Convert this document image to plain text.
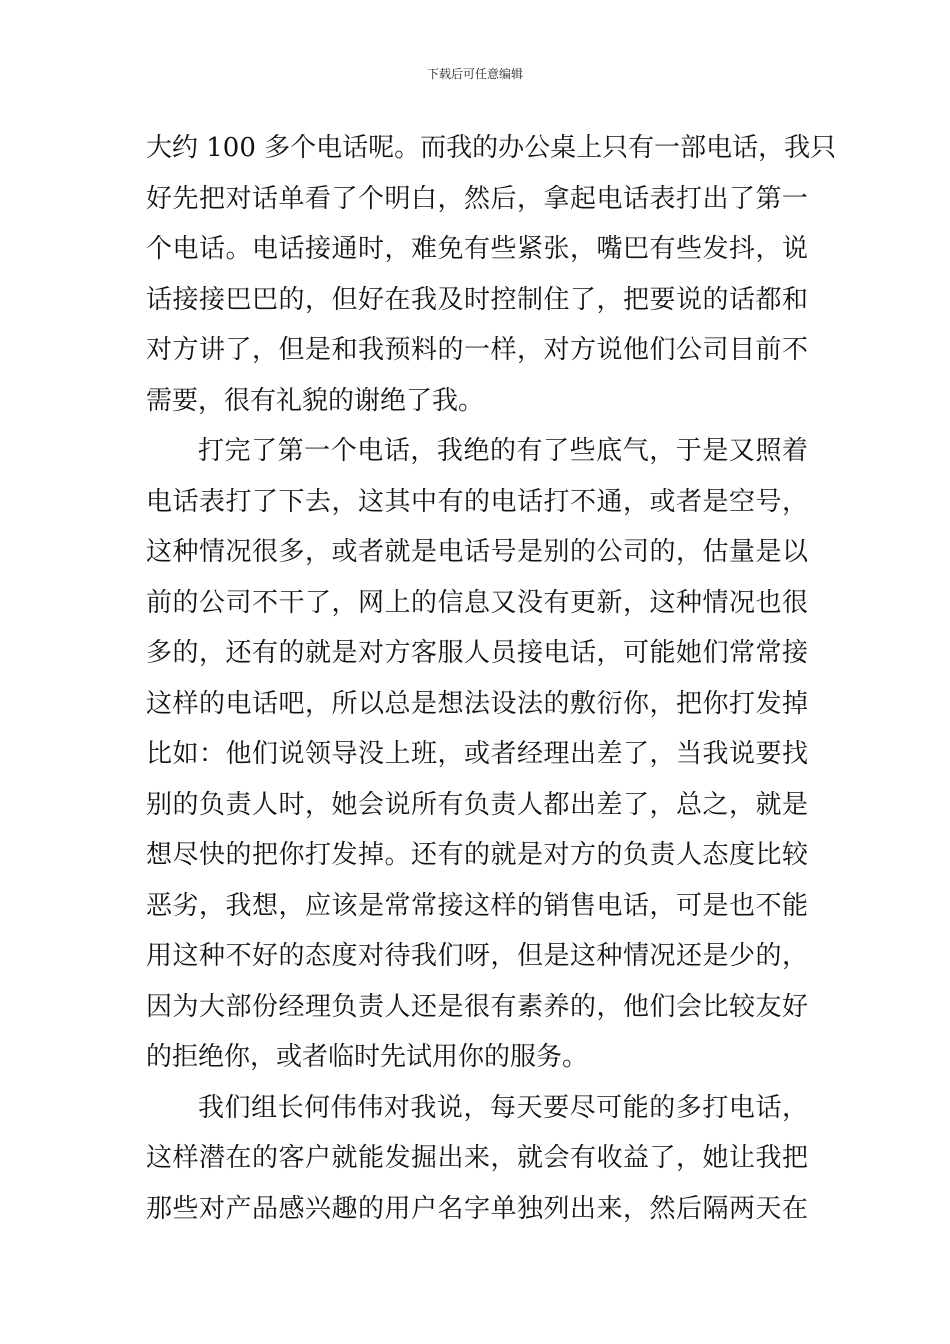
下载后可任意编辑
大约 100 多个电话呢。而我的办公桌上只有一部电话，我只
好先把对话单看了个明白，然后，拿起电话表打出了第一
个电话。电话接通时，难免有些紧张，嘴巴有些发抖，说
话接接巴巴的，但好在我及时控制住了，把要说的话都和
对方讲了，但是和我预料的一样，对方说他们公司目前不
需要，很有礼貌的谢绝了我。
打完了第一个电话，我绝的有了些底气，于是又照着
电话表打了下去，这其中有的电话打不通，或者是空号，
这种情况很多，或者就是电话号是别的公司的，估量是以
前的公司不干了，网上的信息又没有更新，这种情况也很
多的，还有的就是对方客服人员接电话，可能她们常常接
这样的电话吧，所以总是想法设法的敷衍你，把你打发掉
比如：他们说领导没上班，或者经理出差了，当我说要找
别的负责人时，她会说所有负责人都出差了，总之，就是
想尽快的把你打发掉。还有的就是对方的负责人态度比较
恶劣，我想，应该是常常接这样的销售电话，可是也不能
用这种不好的态度对待我们呀，但是这种情况还是少的，
因为大部份经理负责人还是很有素养的，他们会比较友好
的拒绝你，或者临时先试用你的服务。
我们组长何伟伟对我说，每天要尽可能的多打电话，
这样潜在的客户就能发掘出来，就会有收益了，她让我把
那些对产品感兴趣的用户名字单独列出来，然后隔两天在
